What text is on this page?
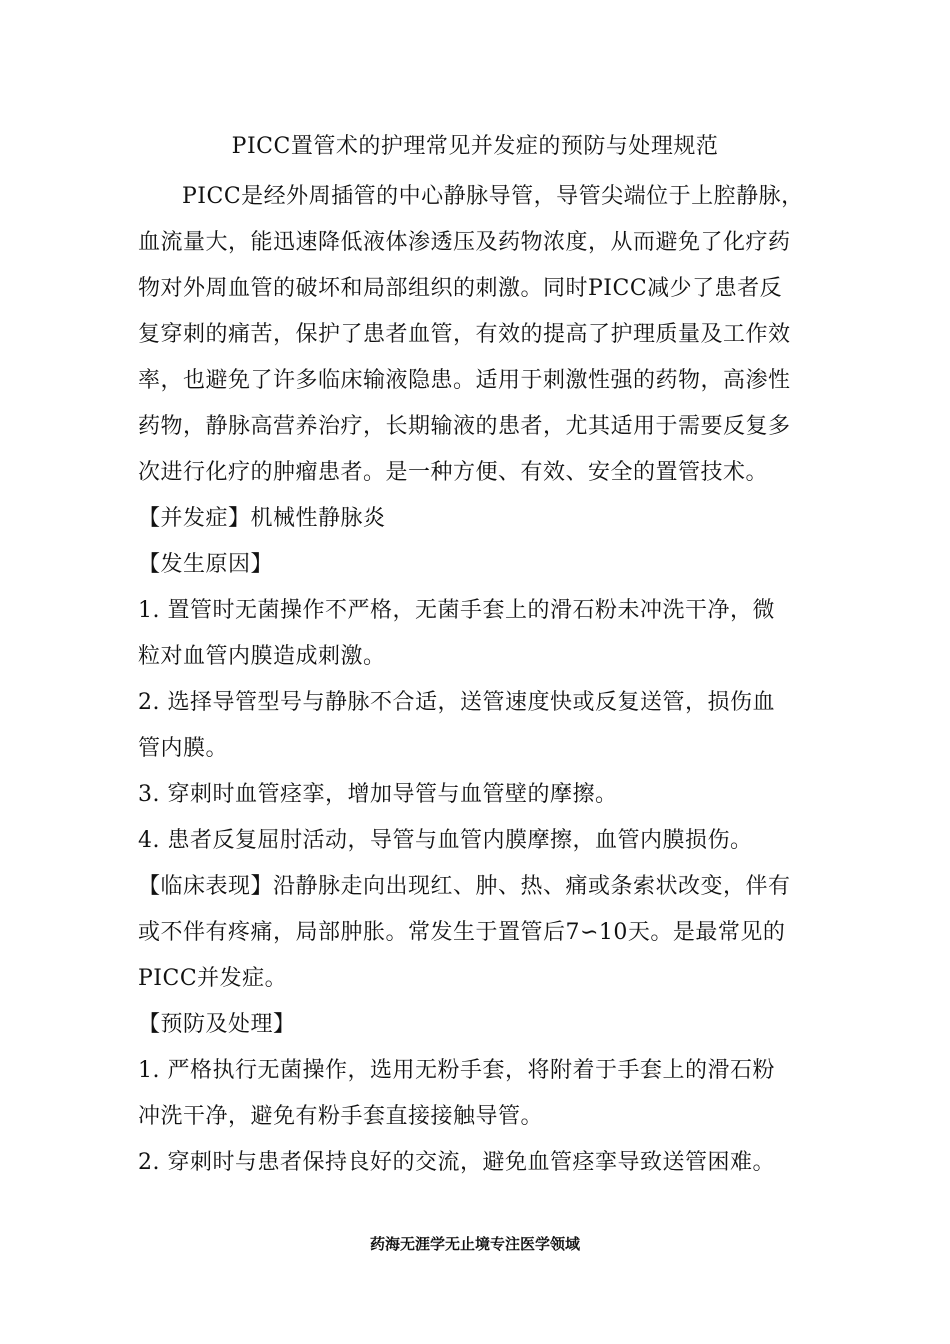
PICC置管术的护理常见并发症的预防与处理规范
PICC是经外周插管的中心静脉导管，导管尖端位于上腔静脉，
血流量大，能迅速降低液体渗透压及药物浓度，从而避免了化疗药
物对外周血管的破坏和局部组织的刺激。同时PICC减少了患者反
复穿刺的痛苦，保护了患者血管，有效的提高了护理质量及工作效
率，也避免了许多临床输液隐患。适用于刺激性强的药物，高渗性
药物，静脉高营养治疗，长期输液的患者，尤其适用于需要反复多
次进行化疗的肿瘤患者。是一种方便、有效、安全的置管技术。
【并发症】机械性静脉炎
【发生原因】
1. 置管时无菌操作不严格，无菌手套上的滑石粉未冲洗干净，微
粒对血管内膜造成刺激。
2. 选择导管型号与静脉不合适，送管速度快或反复送管，损伤血
管内膜。
3. 穿刺时血管痉挛，增加导管与血管壁的摩擦。
4. 患者反复屈肘活动，导管与血管内膜摩擦，血管内膜损伤。
【临床表现】沿静脉走向出现红、肿、热、痛或条索状改变，伴有
或不伴有疼痛，局部肿胀。常发生于置管后7∽10天。是最常见的
PICC并发症。
【预防及处理】
1. 严格执行无菌操作，选用无粉手套，将附着于手套上的滑石粉
冲洗干净，避免有粉手套直接接触导管。
2. 穿刺时与患者保持良好的交流，避免血管痉挛导致送管困难。
药海无涯学无止境专注医学领域
